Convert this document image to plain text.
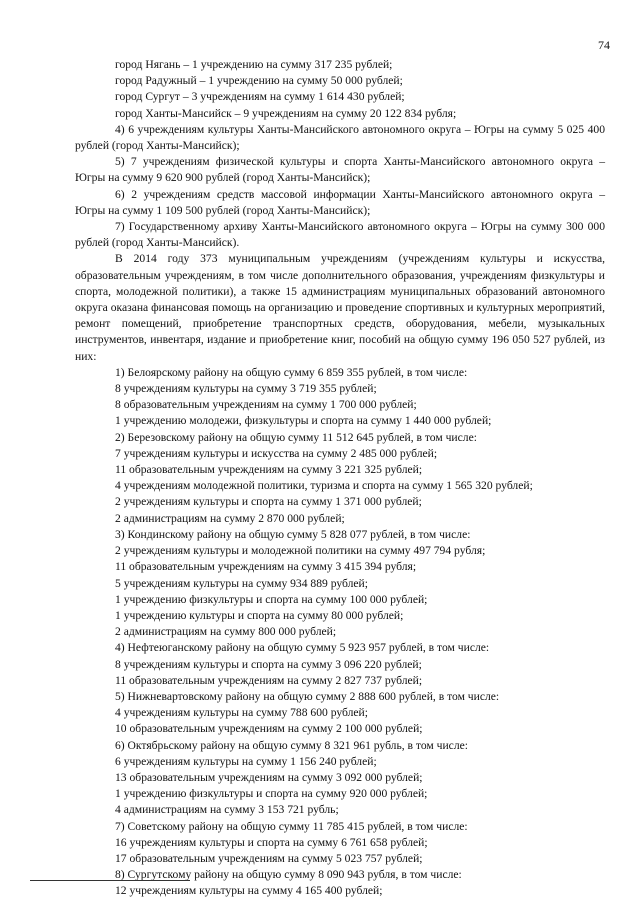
74

город Нягань – 1 учреждению на сумму 317 235 рублей;

город Радужный – 1 учреждению на сумму 50 000 рублей;

город Сургут – 3 учреждениям на сумму 1 614 430 рублей;

город Ханты-Мансийск – 9 учреждениям на сумму 20 122 834 рубля;

4) 6 учреждениям культуры Ханты-Мансийского автономного округа – Югры на сумму 5 025 400 рублей (город Ханты-Мансийск);

5) 7 учреждениям физической культуры и спорта Ханты-Мансийского автономного округа – Югры на сумму 9 620 900 рублей (город Ханты-Мансийск);

6) 2 учреждениям средств массовой информации Ханты-Мансийского автономного округа – Югры на сумму 1 109 500 рублей (город Ханты-Мансийск);

7) Государственному архиву Ханты-Мансийского автономного округа – Югры на сумму 300 000 рублей (город Ханты-Мансийск).

В 2014 году 373 муниципальным учреждениям (учреждениям культуры и искусства, образовательным учреждениям, в том числе дополнительного образования, учреждениям физкультуры и спорта, молодежной политики), а также 15 администрациям муниципальных образований автономного округа оказана финансовая помощь на организацию и проведение спортивных и культурных мероприятий, ремонт помещений, приобретение транспортных средств, оборудования, мебели, музыкальных инструментов, инвентаря, издание и приобретение книг, пособий на общую сумму 196 050 527 рублей, из них:

1) Белоярскому району на общую сумму 6 859 355 рублей, в том числе:

8 учреждениям культуры на сумму 3 719 355 рублей;

8 образовательным учреждениям на сумму 1 700 000 рублей;

1 учреждению молодежи, физкультуры и спорта на сумму 1 440 000 рублей;

2) Березовскому району на общую сумму 11 512 645 рублей, в том числе:

7 учреждениям культуры и искусства на сумму 2 485 000 рублей;

11 образовательным учреждениям на сумму 3 221 325 рублей;

4 учреждениям молодежной политики, туризма и спорта на сумму 1 565 320 рублей;

2 учреждениям культуры и спорта на сумму 1 371 000 рублей;

2 администрациям на сумму 2 870 000 рублей;

3) Кондинскому району на общую сумму 5 828 077 рублей, в том числе:

2 учреждениям культуры и молодежной политики на сумму 497 794 рубля;

11 образовательным учреждениям на сумму 3 415 394 рубля;

5 учреждениям культуры на сумму 934 889 рублей;

1 учреждению физкультуры и спорта на сумму 100 000 рублей;

1 учреждению культуры и спорта на сумму 80 000 рублей;

2 администрациям на сумму 800 000 рублей;

4) Нефтеюганскому району на общую сумму 5 923 957 рублей, в том числе:

8 учреждениям культуры и спорта на сумму 3 096 220 рублей;

11 образовательным учреждениям на сумму 2 827 737 рублей;

5) Нижневартовскому району на общую сумму 2 888 600 рублей, в том числе:

4 учреждениям культуры на сумму 788 600 рублей;

10 образовательным учреждениям на сумму 2 100 000 рублей;

6) Октябрьскому району на общую сумму 8 321 961 рубль, в том числе:

6 учреждениям культуры на сумму 1 156 240 рублей;

13 образовательным учреждениям на сумму 3 092 000 рублей;

1 учреждению физкультуры и спорта на сумму 920 000 рублей;

4 администрациям на сумму 3 153 721 рубль;

7) Советскому району на общую сумму 11 785 415 рублей, в том числе:

16 учреждениям культуры и спорта на сумму 6 761 658 рублей;

17 образовательным учреждениям на сумму 5 023 757 рублей;

8) Сургутскому району на общую сумму 8 090 943 рубля, в том числе:

12 учреждениям культуры на сумму 4 165 400 рублей;
